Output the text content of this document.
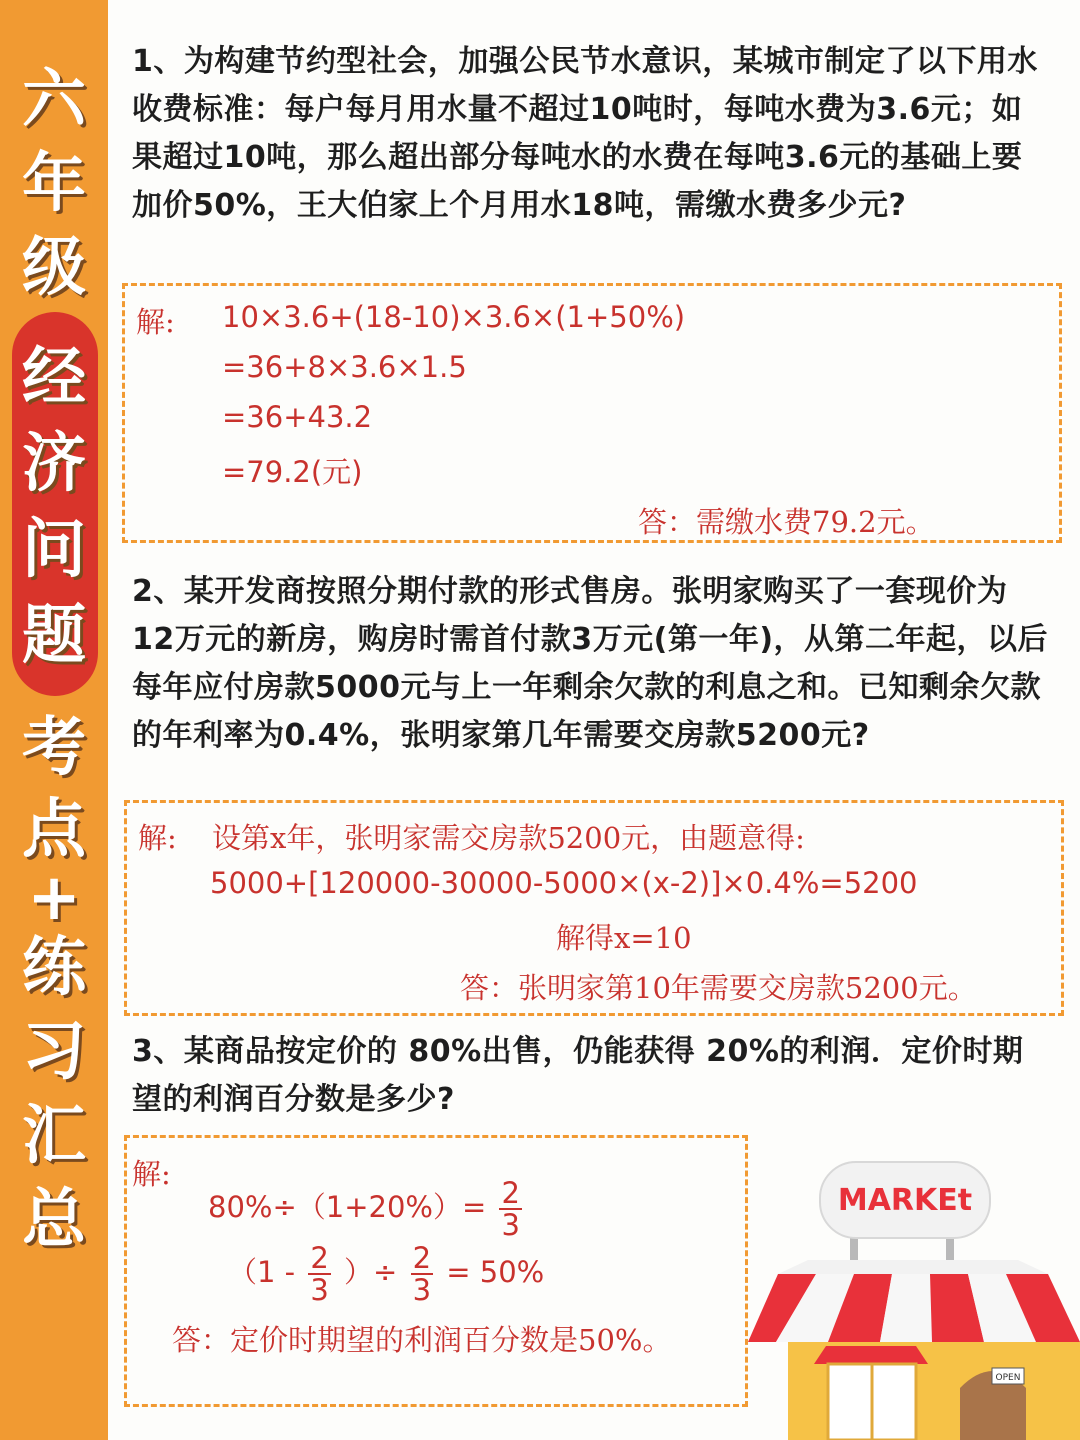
六
年
级
经
济
问
题
考
点
+
练
习
汇
总
1、为构建节约型社会，加强公民节水意识，某城市制定了以下用水收费标准：每户每月用水量不超过10吨时，每吨水费为3.6元；如果超过10吨，那么超出部分每吨水的水费在每吨3.6元的基础上要加价50%，王大伯家上个月用水18吨，需缴水费多少元?
解: 10×3.6+(18-10)×3.6×(1+50%)
=36+8×3.6×1.5
=36+43.2
=79.2(元)
答：需缴水费79.2元。
2、某开发商按照分期付款的形式售房。张明家购买了一套现价为12万元的新房，购房时需首付款3万元(第一年)，从第二年起，以后每年应付房款5000元与上一年剩余欠款的利息之和。已知剩余欠款的年利率为0.4%，张明家第几年需要交房款5200元?
解: 设第x年，张明家需交房款5200元，由题意得:
5000+[120000-30000-5000×(x-2)]×0.4%=5200
解得x=10
答：张明家第10年需要交房款5200元。
3、某商品按定价的 80%出售，仍能获得 20%的利润．定价时期望的利润百分数是多少?
解:
$80\%\div(1+20\%)= \frac{2}{3}$
（$1 - \frac{2}{3}$ ）÷ $\frac{2}{3} = 50\%$
答：定价时期望的利润百分数是50%。
MARKEt
OPEN
